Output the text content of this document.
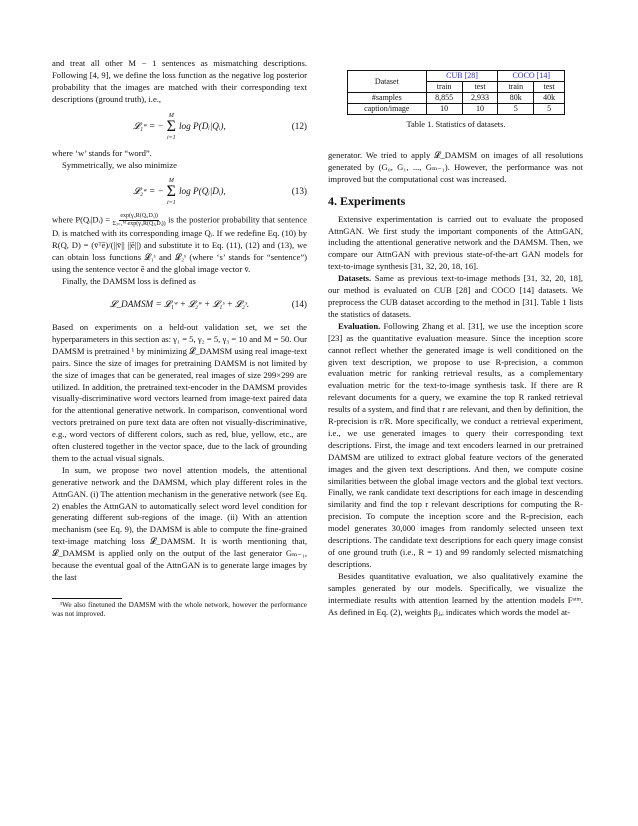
and treat all other M − 1 sentences as mismatching descriptions. Following [4, 9], we define the loss function as the negative log posterior probability that the images are matched with their corresponding text descriptions (ground truth), i.e.,

𝓛₁ʷ = −
M
Σ
i=1
log P(Dᵢ|Qᵢ),	(12)

where ‘w’ stands for “word”.

Symmetrically, we also minimize

𝓛₂ʷ = −
M
Σ
i=1
log P(Qᵢ|Dᵢ),	(13)

where P(Qᵢ|Dᵢ) = $\frac{\text{exp(γ₃R(Qᵢ,Dᵢ))}}{\text{Σⱼ₌₁ᴹ exp(γ₃R(Qⱼ,Dᵢ))}}$ is the posterior probability that sentence Dᵢ is matched with its corresponding image Qᵢ. If we redefine Eq. (10) by R(Q, D) = (v̄ᵀē)/(||v̄|| ||ē||) and substitute it to Eq. (11), (12) and (13), we can obtain loss functions 𝓛₁ˢ and 𝓛₂ˢ (where ‘s’ stands for “sentence”) using the sentence vector ē and the global image vector v̄.

Finally, the DAMSM loss is defined as

𝓛_DAMSM = 𝓛₁ʷ + 𝓛₂ʷ + 𝓛₁ˢ + 𝓛₂ˢ.	(14)

Based on experiments on a held-out validation set, we set the hyperparameters in this section as: γ₁ = 5, γ₂ = 5, γ₃ = 10 and M = 50. Our DAMSM is pretrained ¹ by minimizing 𝓛_DAMSM using real image-text pairs. Since the size of images for pretraining DAMSM is not limited by the size of images that can be generated, real images of size 299×299 are utilized. In addition, the pretrained text-encoder in the DAMSM provides visually-discriminative word vectors learned from image-text paired data for the attentional generative network. In comparison, conventional word vectors pretrained on pure text data are often not visually-discriminative, e.g., word vectors of different colors, such as red, blue, yellow, etc., are often clustered together in the vector space, due to the lack of grounding them to the actual visual signals.

In sum, we propose two novel attention models, the attentional generative network and the DAMSM, which play different roles in the AttnGAN. (i) The attention mechanism in the generative network (see Eq. 2) enables the AttnGAN to automatically select word level condition for generating different sub-regions of the image. (ii) With an attention mechanism (see Eq. 9), the DAMSM is able to compute the fine-grained text-image matching loss 𝓛_DAMSM. It is worth mentioning that, 𝓛_DAMSM is applied only on the output of the last generator Gₘ₋₁, because the eventual goal of the AttnGAN is to generate large images by the last

¹We also finetuned the DAMSM with the whole network, however the performance was not improved.

Dataset	CUB [28]		COCO [14]	
	train	test	train	test
#samples	8,855	2,933	80k	40k
caption/image	10	10	5	5
Table 1. Statistics of datasets.

generator. We tried to apply 𝓛_DAMSM on images of all resolutions generated by (G₀, G₁, ..., Gₘ₋₁). However, the performance was not improved but the computational cost was increased.

4. Experiments

Extensive experimentation is carried out to evaluate the proposed AttnGAN. We first study the important components of the AttnGAN, including the attentional generative network and the DAMSM. Then, we compare our AttnGAN with previous state-of-the-art GAN models for text-to-image synthesis [31, 32, 20, 18, 16].

Datasets. Same as previous text-to-image methods [31, 32, 20, 18], our method is evaluated on CUB [28] and COCO [14] datasets. We preprocess the CUB dataset according to the method in [31]. Table 1 lists the statistics of datasets.

Evaluation. Following Zhang et al. [31], we use the inception score [23] as the quantitative evaluation measure. Since the inception score cannot reflect whether the generated image is well conditioned on the given text description, we propose to use R-precision, a common evaluation metric for ranking retrieval results, as a complementary evaluation metric for the text-to-image synthesis task. If there are R relevant documents for a query, we examine the top R ranked retrieval results of a system, and find that r are relevant, and then by definition, the R-precision is r/R. More specifically, we conduct a retrieval experiment, i.e., we use generated images to query their corresponding text descriptions. First, the image and text encoders learned in our pretrained DAMSM are utilized to extract global feature vectors of the generated images and the given text descriptions. And then, we compute cosine similarities between the global image vectors and the global text vectors. Finally, we rank candidate text descriptions for each image in descending similarity and find the top r relevant descriptions for computing the R-precision. To compute the inception score and the R-precision, each model generates 30,000 images from randomly selected unseen text descriptions. The candidate text descriptions for each query image consist of one ground truth (i.e., R = 1) and 99 randomly selected mismatching descriptions.

Besides quantitative evaluation, we also qualitatively examine the samples generated by our models. Specifically, we visualize the intermediate results with attention learned by the attention models Fᵃᵗᵗⁿ. As defined in Eq. (2), weights βⱼ,ᵢ indicates which words the model at-
